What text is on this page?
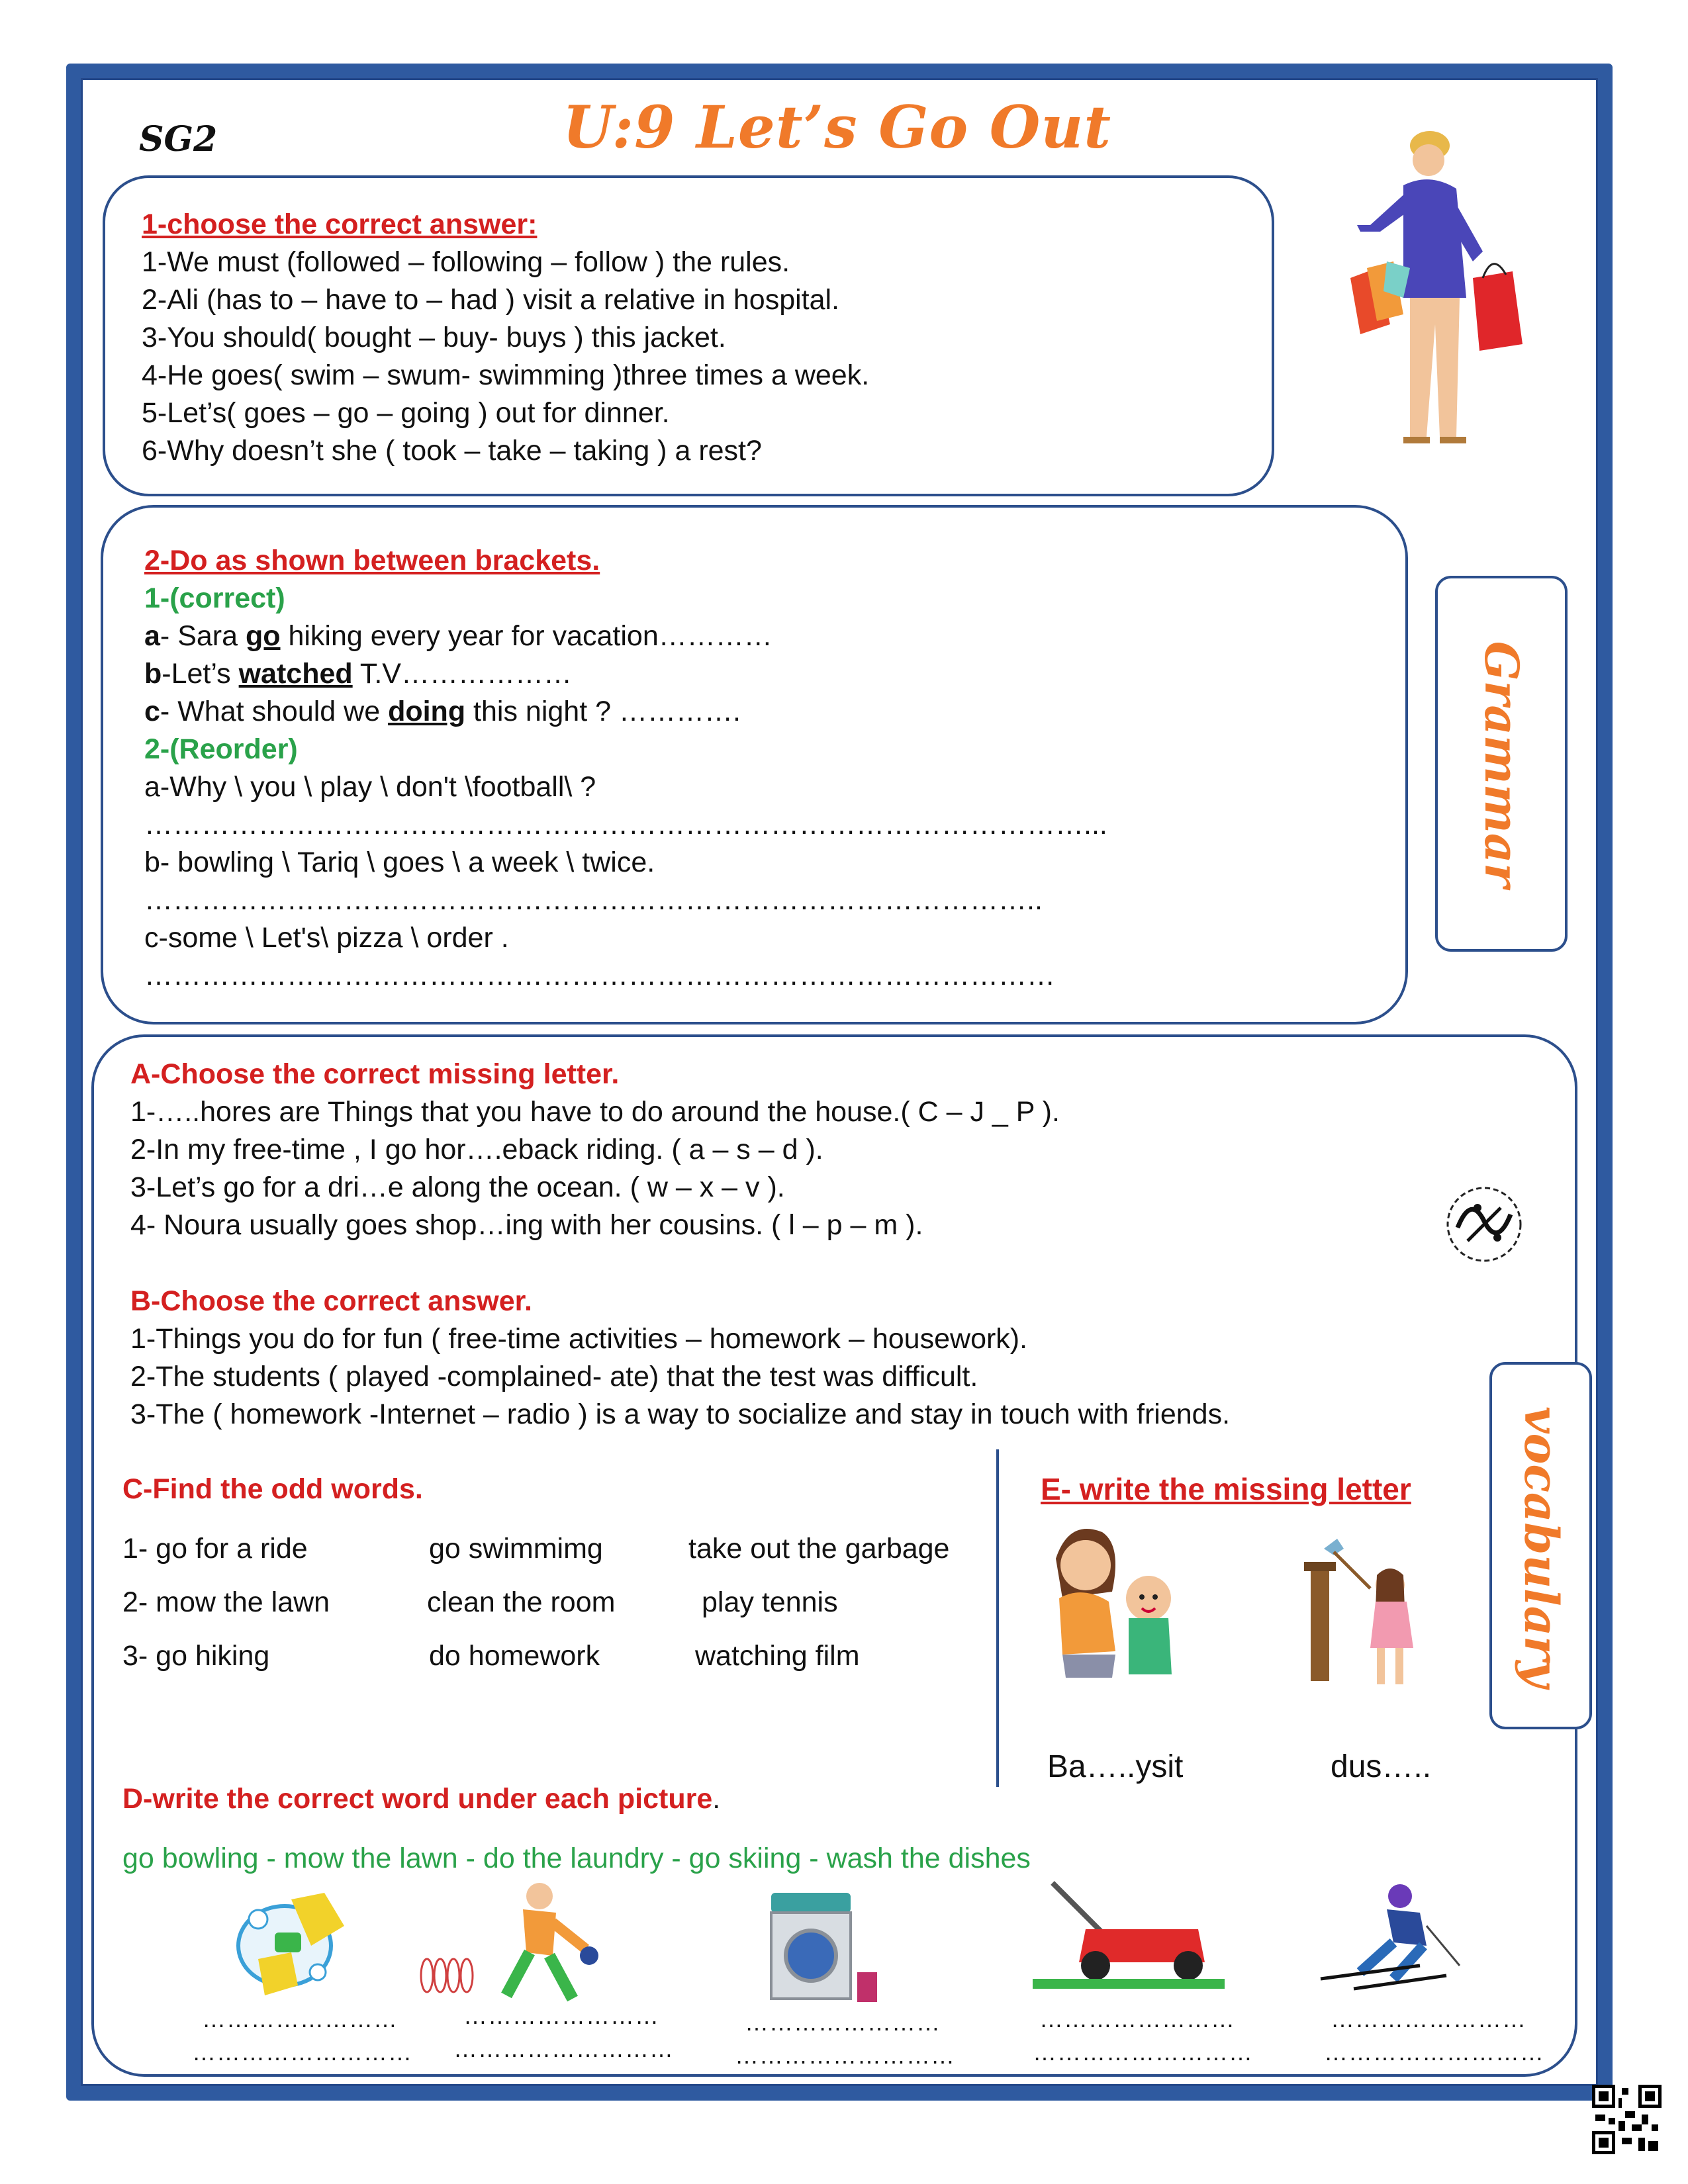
SG2	U:9 Let’s Go Out
1-choose the correct answer:
1-We must (followed – following – follow ) the rules.
2-Ali (has to – have to – had ) visit a relative in hospital.
3-You should( bought – buy- buys ) this jacket.
4-He goes( swim – swum- swimming )three times a week.
5-Let’s( goes – go – going ) out for dinner.
6-Why doesn’t she ( took – take – taking ) a rest?
2-Do as shown between brackets.
1-(correct)
a- Sara go hiking every year for vacation…………
b-Let’s watched T.V………………
c- What should we doing this night ? ………….
2-(Reorder)
a-Why \ you \ play \ don't \football\ ?
………………………………………………………………………………………...
b- bowling \ Tariq \ goes \ a week \ twice.
…………………………………………………………………………………..
c-some \ Let's\ pizza \ order .
……………………………………………………………………………………
Grammar
vocabulary
A-Choose the correct missing letter.
1-…..hores are Things that you have to do around the house.( C – J _ P ).
2-In my free-time , I go hor….eback riding. ( a – s – d ).
3-Let’s go for a dri…e along the ocean. ( w – x – v ).
4- Noura usually goes shop…ing with her cousins. ( l – p – m ).
B-Choose the correct answer.
1-Things you do for fun ( free-time activities – homework – housework).
2-The students ( played -complained- ate) that the test was difficult.
3-The ( homework -Internet – radio ) is a way to socialize and stay in touch with friends.
C-Find the odd words.
1- go for a ride	go swimmimg	take out the garbage
2- mow the lawn	clean the room	play tennis
3- go hiking	do homework	watching film
E- write the missing letter
Ba…..ysit	dus…..
D-write the correct word under each picture.
go bowling - mow the lawn - do the laundry - go skiing - wash the dishes
……………………
………………………
……………………
………………………
……………………
………………………
……………………
………………………
……………………
………………………
